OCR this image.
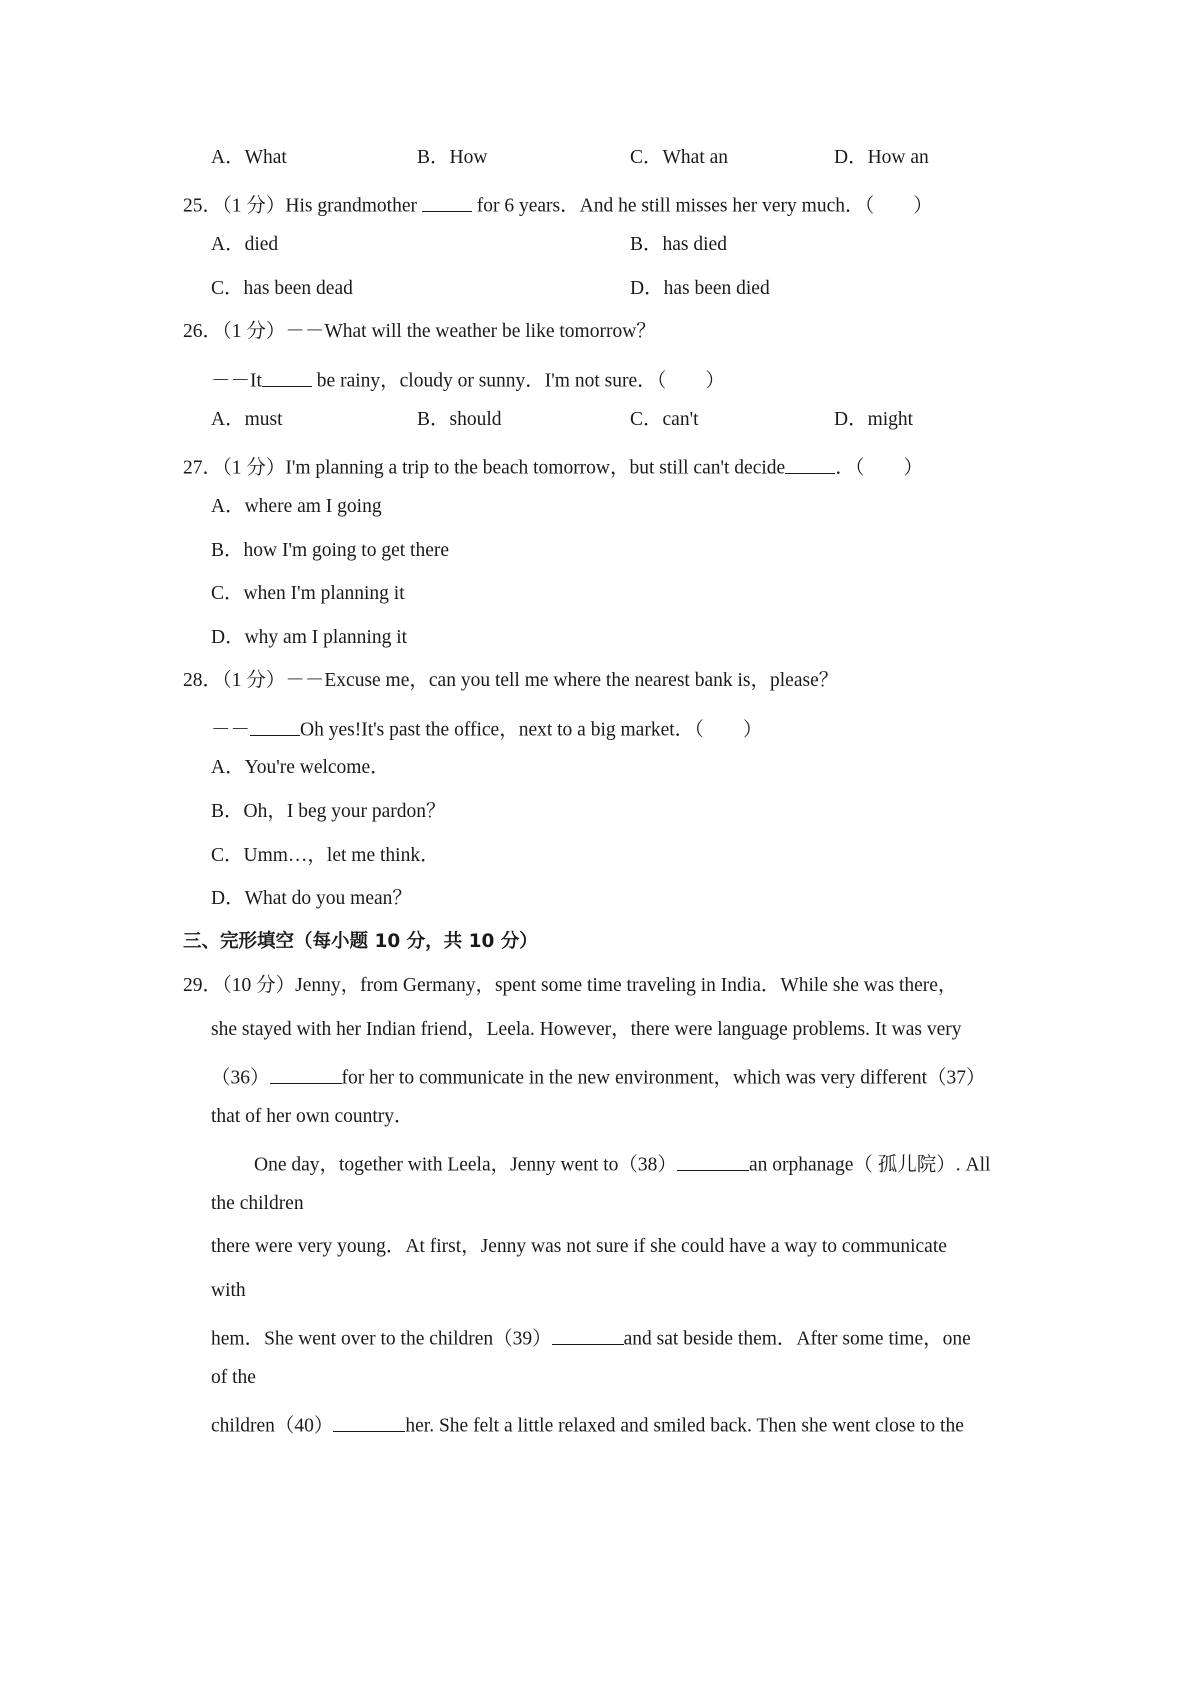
A．What	B．How	C．What an	D．How an
25．（1 分）His grandmother	for 6 years．And he still misses her very much．（　　）
A．died	B．has died
C．has been dead	D．has been died
26．（1 分）－－What will the weather be like tomorrow？
－－It	be rainy，cloudy or sunny．I'm not sure．（　　）
A．must	B．should	C．can't	D．might
27．（1 分）I'm planning a trip to the beach tomorrow，but still can't decide	．（　　）
A．where am I going
B．how I'm going to get there
C．when I'm planning it
D．why am I planning it
28．（1 分）－－Excuse me，can you tell me where the nearest bank is，please？
－－	Oh yes!It's past the office，next to a big market．（　　）
A．You're welcome．
B．Oh，I beg your pardon？
C．Umm…，let me think．
D．What do you mean？
三、完形填空（每小题 10 分，共 10 分）
29．（10 分）Jenny，from Germany，spent some time traveling in India．While she was there，
she stayed with her Indian friend，Leela. However，there were language problems. It was very
（36）	for her to communicate in the new environment，which was very different（37）
that of her own country．
One day，together with Leela，Jenny went to（38）	an orphanage（ 孤儿院）. All
the children
there were very young．At first，Jenny was not sure if she could have a way to communicate
with
hem．She went over to the children（39）	and sat beside them．After some time，one
of the
children（40）	her. She felt a little relaxed and smiled back. Then she went close to the
